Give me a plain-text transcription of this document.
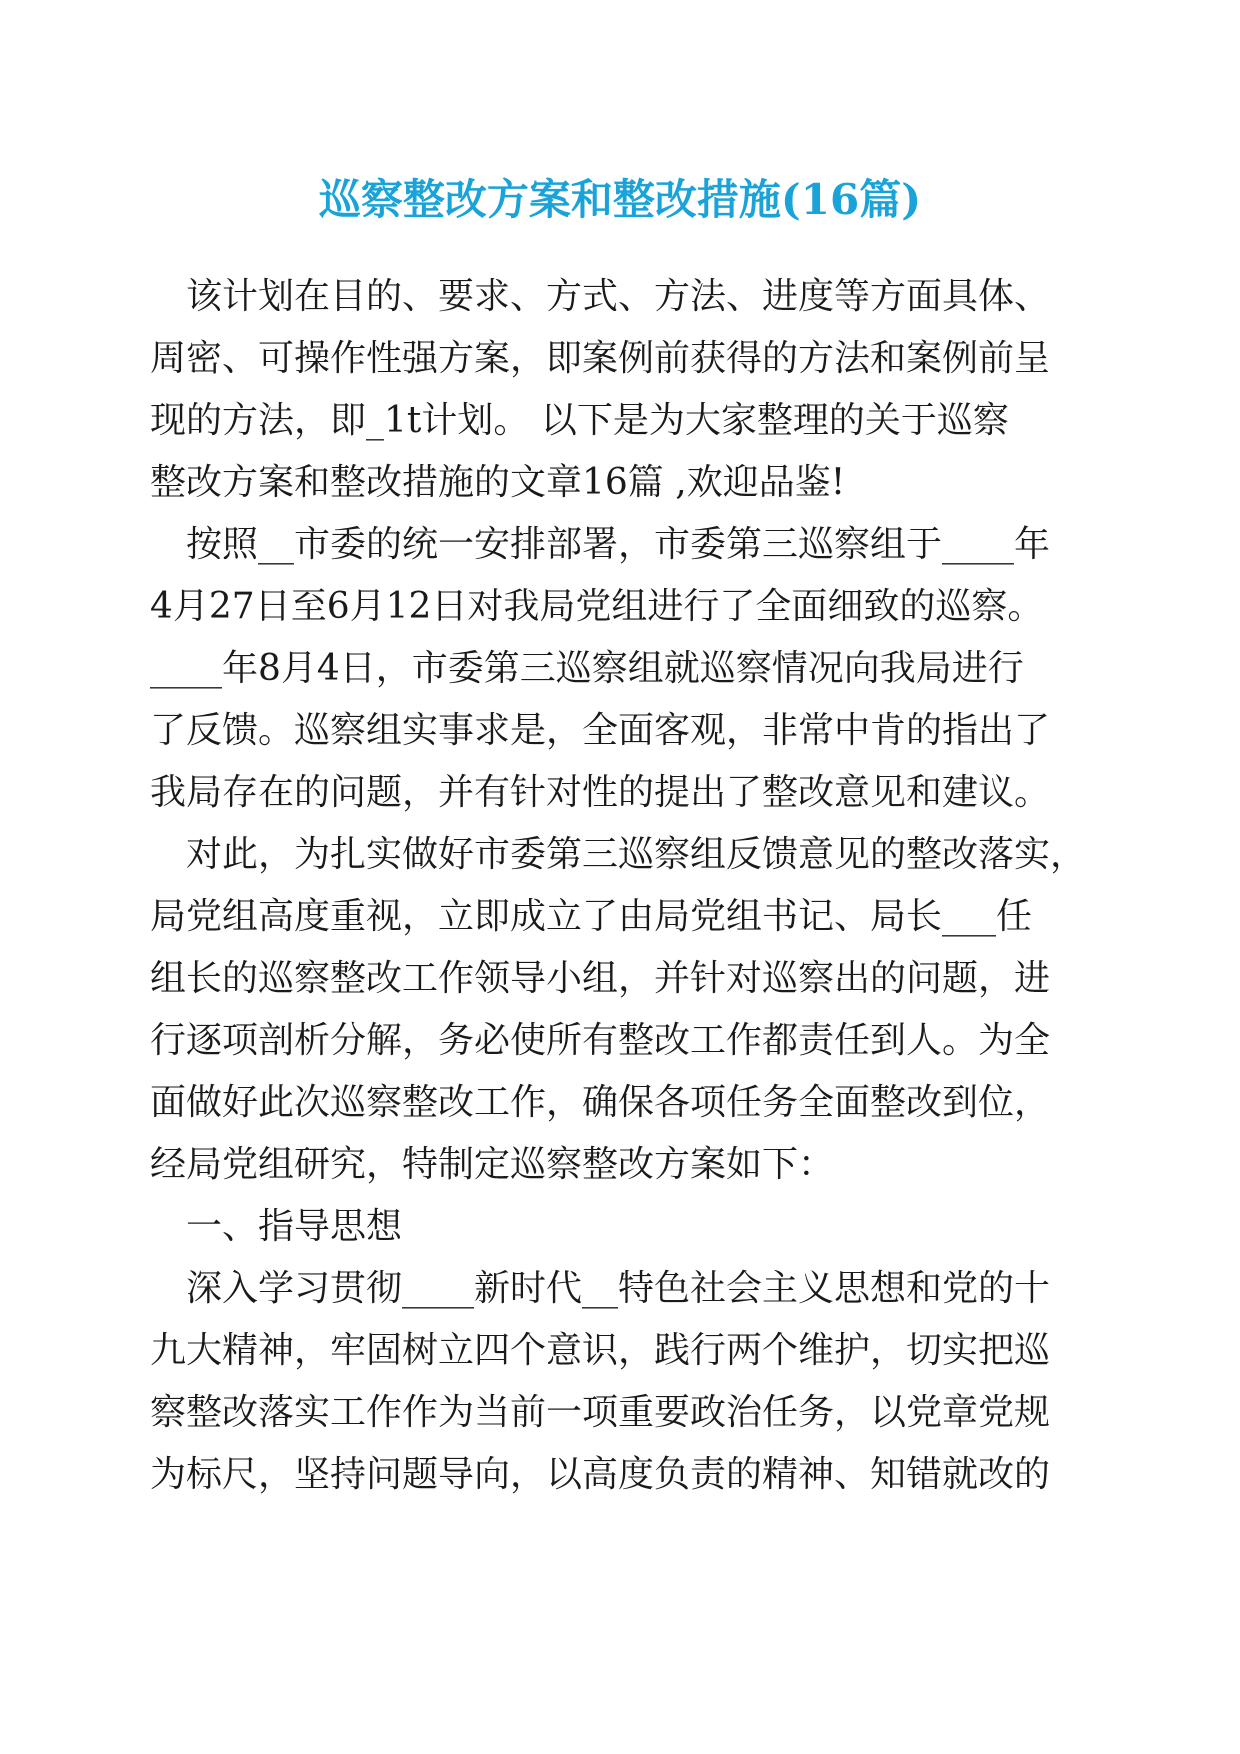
巡察整改方案和整改措施(16篇)
　该计划在目的、要求、方式、方法、进度等方面具体、
周密、可操作性强方案，即案例前获得的方法和案例前呈
现的方法，即_1t计划。 以下是为大家整理的关于巡察
整改方案和整改措施的文章16篇 ,欢迎品鉴!
　按照__市委的统一安排部署，市委第三巡察组于____年
4月27日至6月12日对我局党组进行了全面细致的巡察。
____年8月4日，市委第三巡察组就巡察情况向我局进行
了反馈。巡察组实事求是，全面客观，非常中肯的指出了
我局存在的问题，并有针对性的提出了整改意见和建议。
　对此，为扎实做好市委第三巡察组反馈意见的整改落实，
局党组高度重视，立即成立了由局党组书记、局长___任
组长的巡察整改工作领导小组，并针对巡察出的问题，进
行逐项剖析分解，务必使所有整改工作都责任到人。为全
面做好此次巡察整改工作，确保各项任务全面整改到位，
经局党组研究，特制定巡察整改方案如下：
　一、指导思想
　深入学习贯彻____新时代__特色社会主义思想和党的十
九大精神，牢固树立四个意识，践行两个维护，切实把巡
察整改落实工作作为当前一项重要政治任务，以党章党规
为标尺，坚持问题导向，以高度负责的精神、知错就改的
